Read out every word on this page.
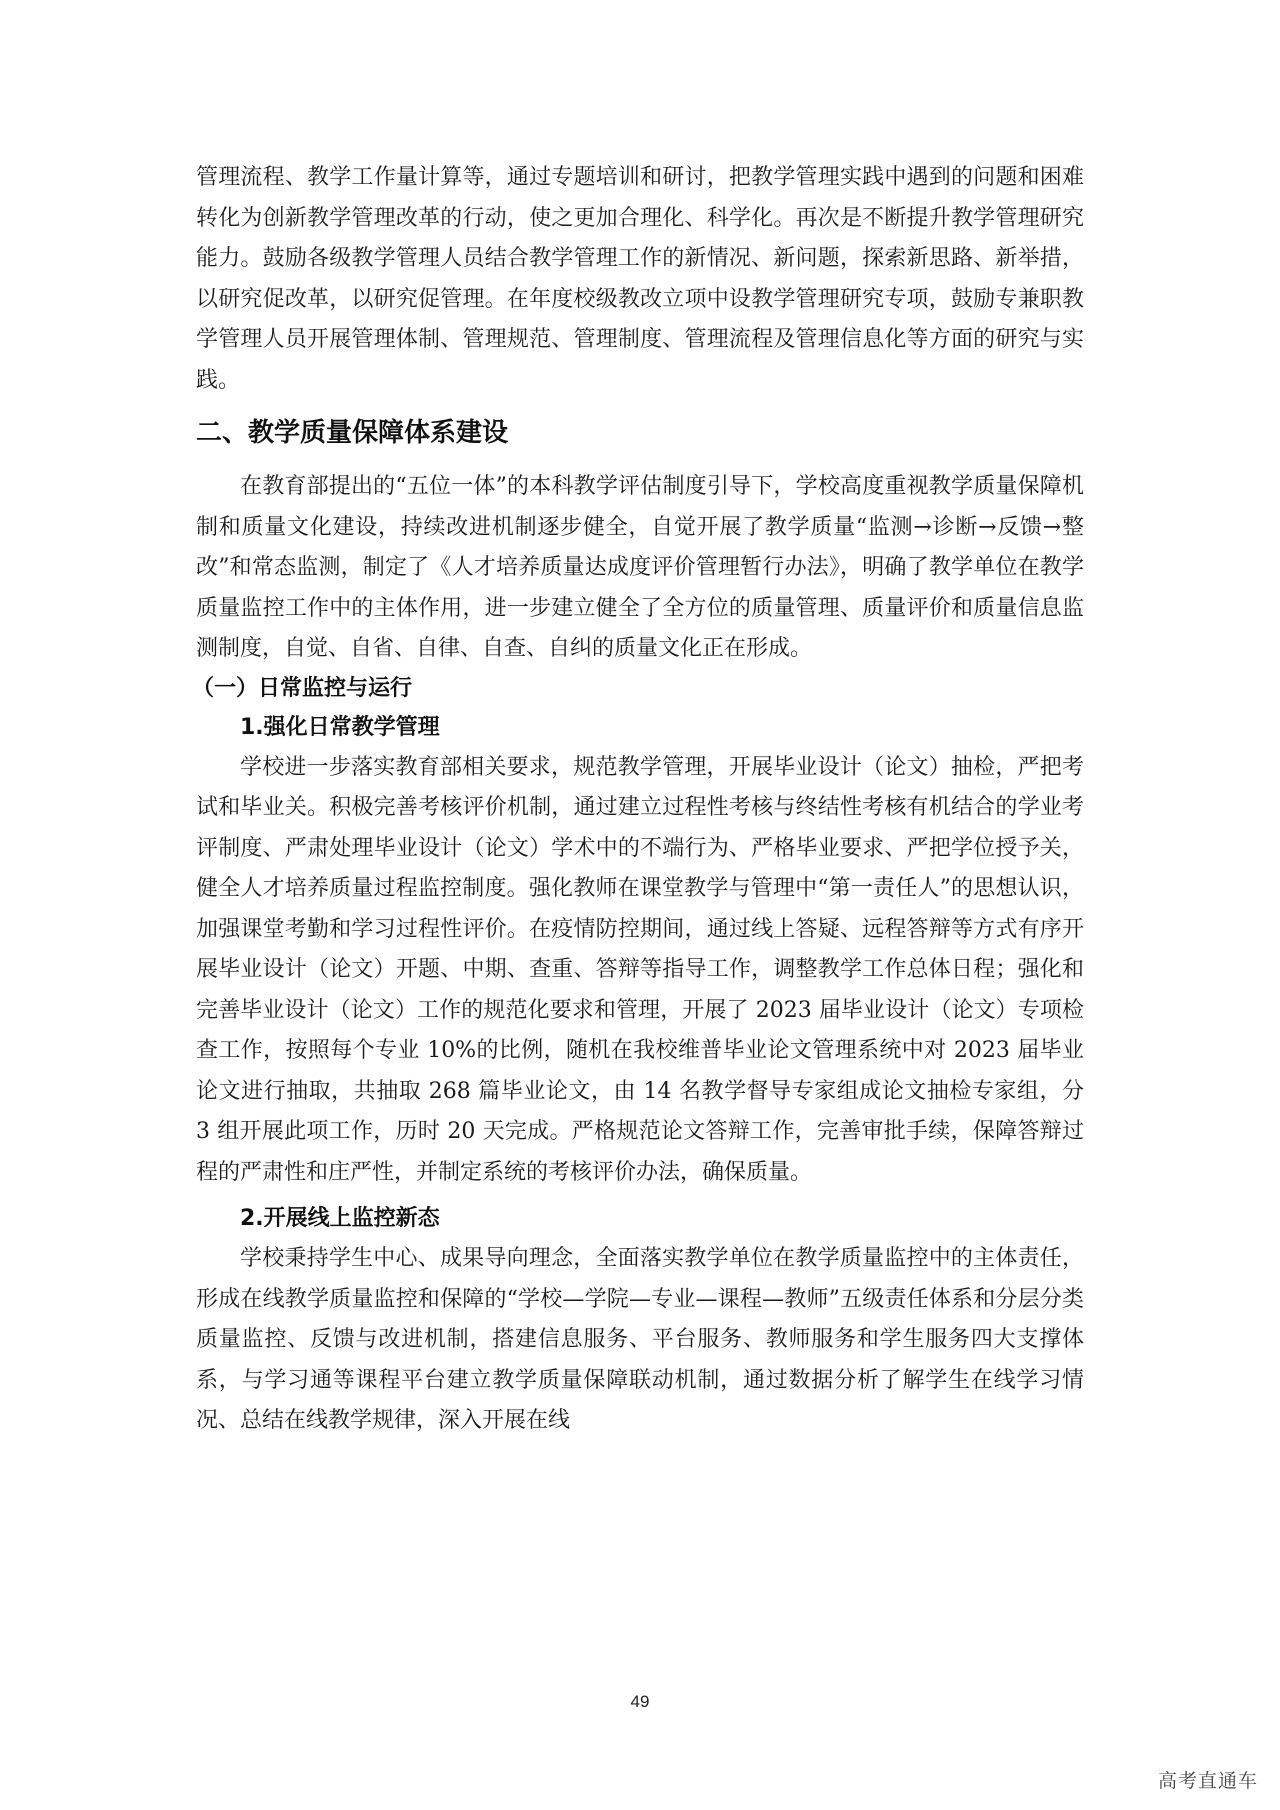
管理流程、教学工作量计算等，通过专题培训和研讨，把教学管理实践中遇到的问题和困难转化为创新教学管理改革的行动，使之更加合理化、科学化。再次是不断提升教学管理研究能力。鼓励各级教学管理人员结合教学管理工作的新情况、新问题，探索新思路、新举措，以研究促改革，以研究促管理。在年度校级教改立项中设教学管理研究专项，鼓励专兼职教学管理人员开展管理体制、管理规范、管理制度、管理流程及管理信息化等方面的研究与实践。

二、教学质量保障体系建设

在教育部提出的“五位一体”的本科教学评估制度引导下，学校高度重视教学质量保障机制和质量文化建设，持续改进机制逐步健全，自觉开展了教学质量“监测→诊断→反馈→整改”和常态监测，制定了《人才培养质量达成度评价管理暂行办法》，明确了教学单位在教学质量监控工作中的主体作用，进一步建立健全了全方位的质量管理、质量评价和质量信息监测制度，自觉、自省、自律、自查、自纠的质量文化正在形成。

（一）日常监控与运行
1.强化日常教学管理

学校进一步落实教育部相关要求，规范教学管理，开展毕业设计（论文）抽检，严把考试和毕业关。积极完善考核评价机制，通过建立过程性考核与终结性考核有机结合的学业考评制度、严肃处理毕业设计（论文）学术中的不端行为、严格毕业要求、严把学位授予关，健全人才培养质量过程监控制度。强化教师在课堂教学与管理中“第一责任人”的思想认识，加强课堂考勤和学习过程性评价。在疫情防控期间，通过线上答疑、远程答辩等方式有序开展毕业设计（论文）开题、中期、查重、答辩等指导工作，调整教学工作总体日程；强化和完善毕业设计（论文）工作的规范化要求和管理，开展了 2023 届毕业设计（论文）专项检查工作，按照每个专业 10%的比例，随机在我校维普毕业论文管理系统中对 2023 届毕业论文进行抽取，共抽取 268 篇毕业论文，由 14 名教学督导专家组成论文抽检专家组，分 3 组开展此项工作，历时 20 天完成。严格规范论文答辩工作，完善审批手续，保障答辩过程的严肃性和庄严性，并制定系统的考核评价办法，确保质量。

2.开展线上监控新态

学校秉持学生中心、成果导向理念，全面落实教学单位在教学质量监控中的主体责任，形成在线教学质量监控和保障的“学校—学院—专业—课程—教师”五级责任体系和分层分类质量监控、反馈与改进机制，搭建信息服务、平台服务、教师服务和学生服务四大支撑体系，与学习通等课程平台建立教学质量保障联动机制，通过数据分析了解学生在线学习情况、总结在线教学规律，深入开展在线

49
高考直通车
